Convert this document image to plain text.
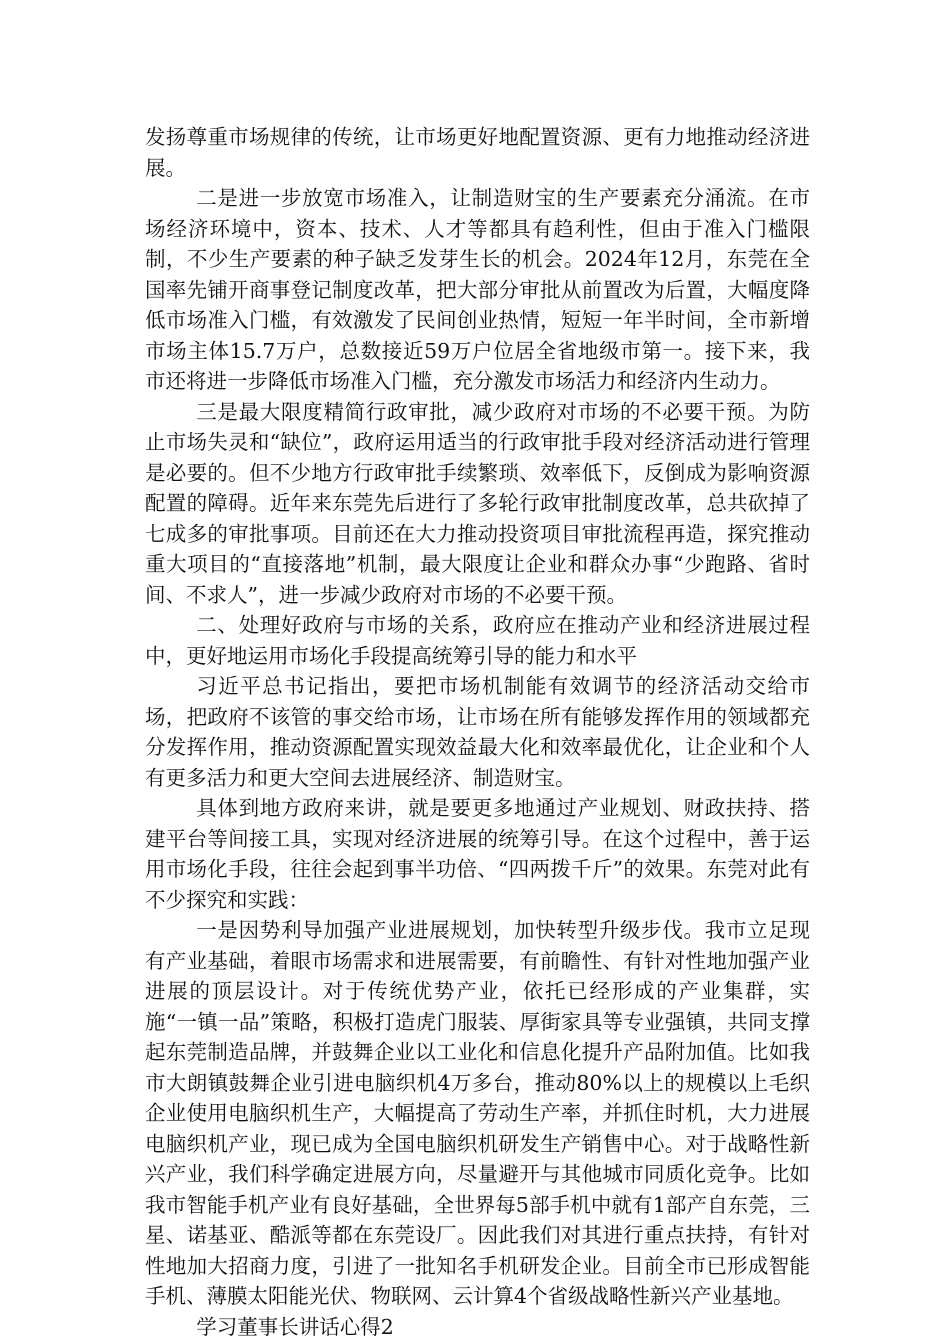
发扬尊重市场规律的传统，让市场更好地配置资源、更有力地推动经济进展。

二是进一步放宽市场准入，让制造财宝的生产要素充分涌流。在市场经济环境中，资本、技术、人才等都具有趋利性，但由于准入门槛限制，不少生产要素的种子缺乏发芽生长的机会。2024年12月，东莞在全国率先铺开商事登记制度改革，把大部分审批从前置改为后置，大幅度降低市场准入门槛，有效激发了民间创业热情，短短一年半时间，全市新增市场主体15.7万户，总数接近59万户位居全省地级市第一。接下来，我市还将进一步降低市场准入门槛，充分激发市场活力和经济内生动力。

三是最大限度精简行政审批，减少政府对市场的不必要干预。为防止市场失灵和“缺位”，政府运用适当的行政审批手段对经济活动进行管理是必要的。但不少地方行政审批手续繁琐、效率低下，反倒成为影响资源配置的障碍。近年来东莞先后进行了多轮行政审批制度改革，总共砍掉了七成多的审批事项。目前还在大力推动投资项目审批流程再造，探究推动重大项目的“直接落地”机制，最大限度让企业和群众办事“少跑路、省时间、不求人”，进一步减少政府对市场的不必要干预。

二、处理好政府与市场的关系，政府应在推动产业和经济进展过程中，更好地运用市场化手段提高统筹引导的能力和水平

习近平总书记指出，要把市场机制能有效调节的经济活动交给市场，把政府不该管的事交给市场，让市场在所有能够发挥作用的领域都充分发挥作用，推动资源配置实现效益最大化和效率最优化，让企业和个人有更多活力和更大空间去进展经济、制造财宝。

具体到地方政府来讲，就是要更多地通过产业规划、财政扶持、搭建平台等间接工具，实现对经济进展的统筹引导。在这个过程中，善于运用市场化手段，往往会起到事半功倍、“四两拨千斤”的效果。东莞对此有不少探究和实践：

一是因势利导加强产业进展规划，加快转型升级步伐。我市立足现有产业基础，着眼市场需求和进展需要，有前瞻性、有针对性地加强产业进展的顶层设计。对于传统优势产业，依托已经形成的产业集群，实施“一镇一品”策略，积极打造虎门服装、厚街家具等专业强镇，共同支撑起东莞制造品牌，并鼓舞企业以工业化和信息化提升产品附加值。比如我市大朗镇鼓舞企业引进电脑织机4万多台，推动80%以上的规模以上毛织企业使用电脑织机生产，大幅提高了劳动生产率，并抓住时机，大力进展电脑织机产业，现已成为全国电脑织机研发生产销售中心。对于战略性新兴产业，我们科学确定进展方向，尽量避开与其他城市同质化竞争。比如我市智能手机产业有良好基础，全世界每5部手机中就有1部产自东莞，三星、诺基亚、酷派等都在东莞设厂。因此我们对其进行重点扶持，有针对性地加大招商力度，引进了一批知名手机研发企业。目前全市已形成智能手机、薄膜太阳能光伏、物联网、云计算4个省级战略性新兴产业基地。

学习董事长讲话心得2
